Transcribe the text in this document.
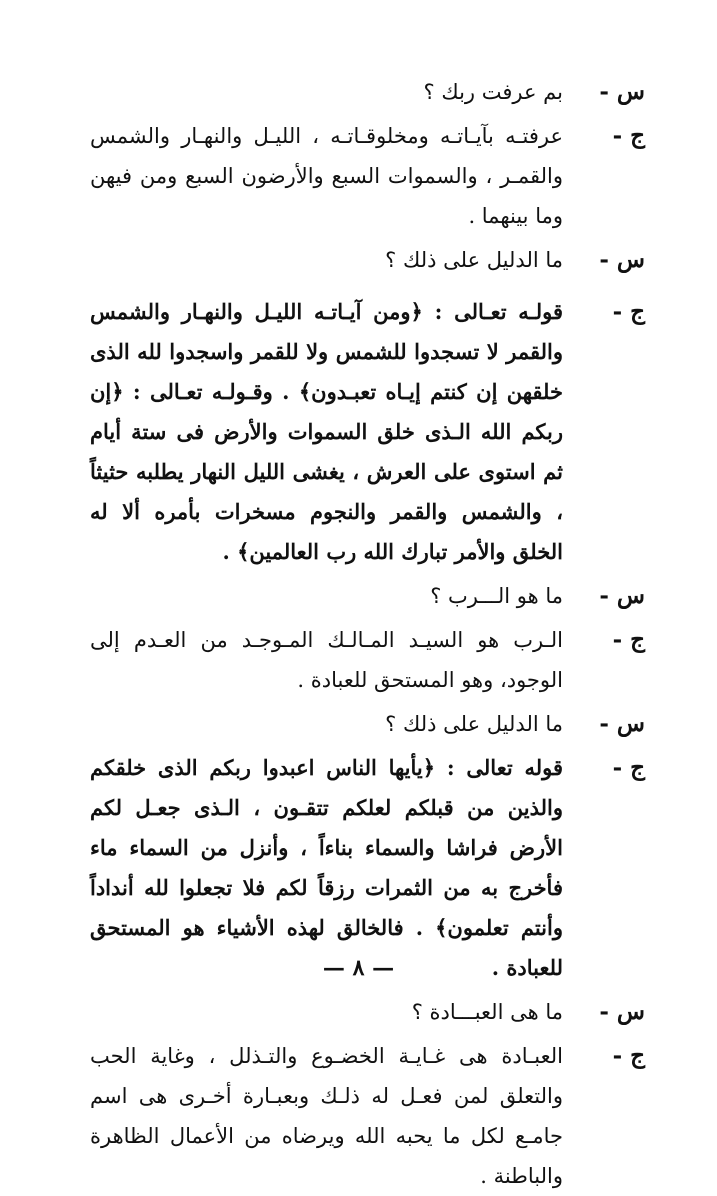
س -
بم عرفت ربك ؟
ج -
عرفتـه بآيـاتـه ومخلوقـاتـه ، الليـل والنهـار والشمس والقمـر ، والسموات السبع والأرضون السبع ومن فيهن وما بينهما .
س -
ما الدليل على ذلك ؟
ج -
قولـه تعـالى : ﴿ومن آيـاتـه الليـل والنهـار والشمس والقمر لا تسجدوا للشمس ولا للقمر واسجدوا لله الذى خلقهن إن كنتم إيـاه تعبـدون﴾ . وقـولـه تعـالى : ﴿إن ربكم الله الـذى خلق السموات والأرض فى ستة أيام ثم استوى على العرش ، يغشى الليل النهار يطلبه حثيثاً ، والشمس والقمر والنجوم مسخرات بأمره ألا له الخلق والأمر تبارك الله رب العالمين﴾ .
س -
ما هو الـــرب ؟
ج -
الـرب هو السيـد المـالـك المـوجـد من العـدم إلى الوجود، وهو المستحق للعبادة .
س -
ما الدليل على ذلك ؟
ج -
قوله تعالى : ﴿يأيها الناس اعبدوا ربكم الذى خلقكم والذين من قبلكم لعلكم تتقـون ، الـذى جعـل لكم الأرض فراشا والسماء بناءاً ، وأنزل من السماء ماء فأخرج به من الثمرات رزقاً لكم فلا تجعلوا لله أنداداً وأنتم تعلمون﴾ . فالخالق لهذه الأشياء هو المستحق للعبادة .
س -
ما هى العبـــادة ؟
ج -
العبـادة هى غـايـة الخضـوع والتـذلل ، وغاية الحب والتعلق لمن فعـل له ذلـك وبعبـارة أخـرى هى اسم جامـع لكل ما يحبه الله ويرضاه من الأعمال الظاهرة والباطنة .
— ٨ —
